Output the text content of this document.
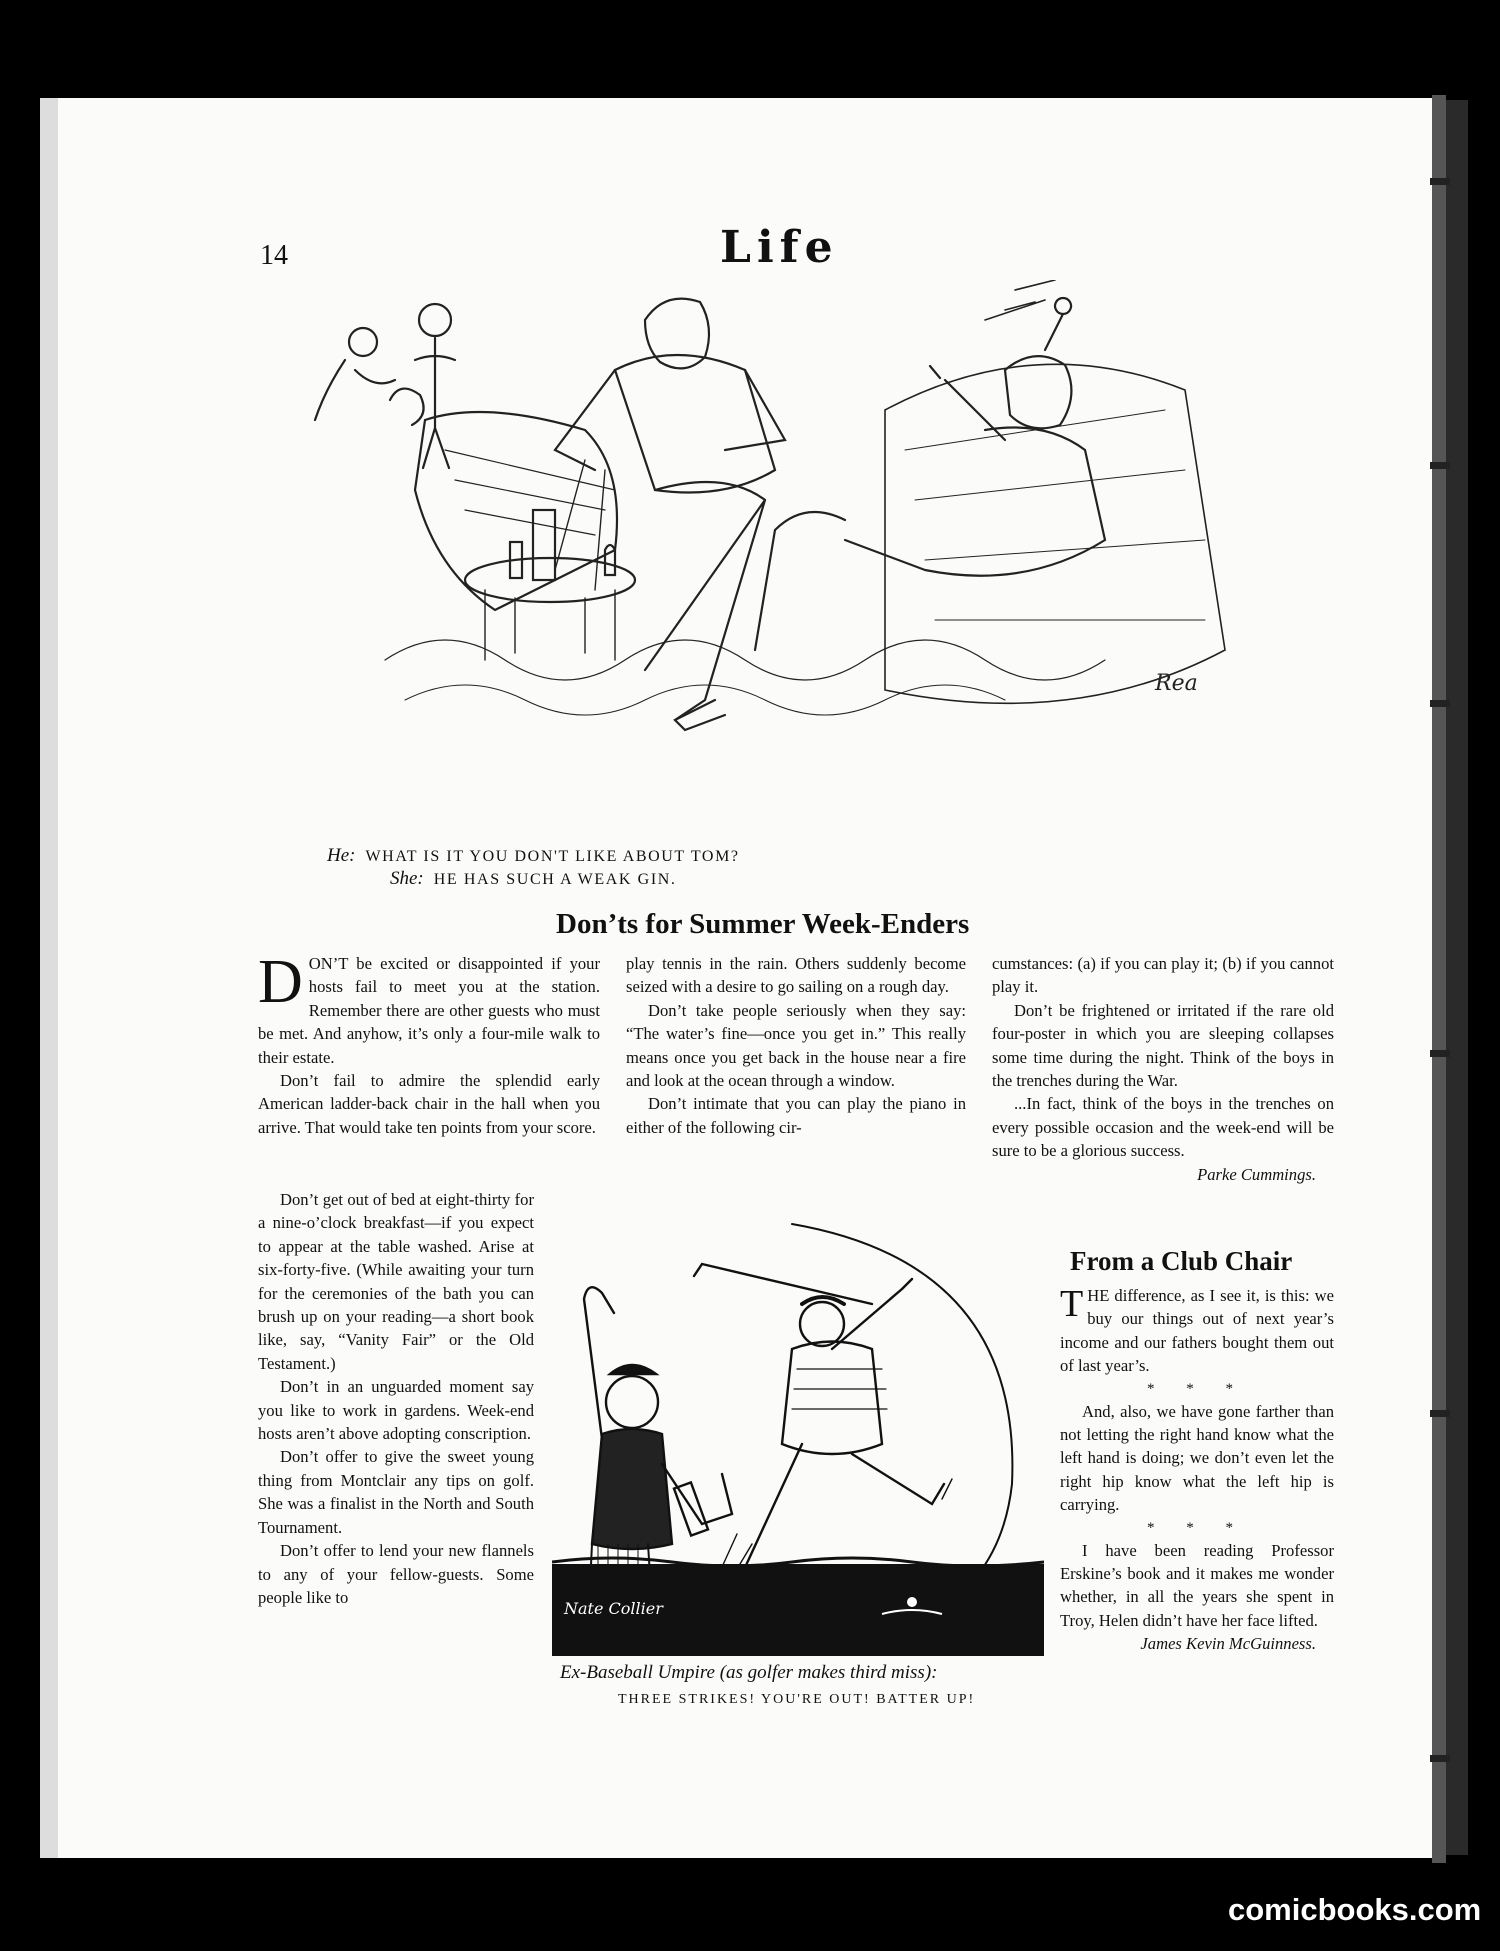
14	Life
Rea
He: WHAT IS IT YOU DON'T LIKE ABOUT TOM?
She: HE HAS SUCH A WEAK GIN.
Don’ts for Summer Week-Enders

DON’T be excited or disappointed if your hosts fail to meet you at the station. Remember there are other guests who must be met. And anyhow, it’s only a four-mile walk to their estate.

Don’t fail to admire the splendid early American ladder-back chair in the hall when you arrive. That would take ten points from your score.

Don’t get out of bed at eight-thirty for a nine-o’clock breakfast—if you expect to appear at the table washed. Arise at six-forty-five. (While awaiting your turn for the ceremonies of the bath you can brush up on your reading—a short book like, say, “Vanity Fair” or the Old Testament.)

Don’t in an unguarded moment say you like to work in gardens. Week-end hosts aren’t above adopting conscription.

Don’t offer to give the sweet young thing from Montclair any tips on golf. She was a finalist in the North and South Tournament.

Don’t offer to lend your new flannels to any of your fellow-guests. Some people like to

play tennis in the rain. Others suddenly become seized with a desire to go sailing on a rough day.

Don’t take people seriously when they say: “The water’s fine—once you get in.” This really means once you get back in the house near a fire and look at the ocean through a window.

Don’t intimate that you can play the piano in either of the following cir-

cumstances: (a) if you can play it; (b) if you cannot play it.

Don’t be frightened or irritated if the rare old four-poster in which you are sleeping collapses some time during the night. Think of the boys in the trenches during the War.

...In fact, think of the boys in the trenches on every possible occasion and the week-end will be sure to be a glorious success.

Parke Cummings.
Nate Collier
Ex-Baseball Umpire (as golfer makes third miss):
THREE STRIKES! YOU'RE OUT! BATTER UP!
From a Club Chair

THE difference, as I see it, is this: we buy our things out of next year’s income and our fathers bought them out of last year’s.

* * *

And, also, we have gone farther than not letting the right hand know what the left hand is doing; we don’t even let the right hip know what the left hip is carrying.

* * *

I have been reading Professor Erskine’s book and it makes me wonder whether, in all the years she spent in Troy, Helen didn’t have her face lifted.

James Kevin McGuinness.
comicbooks.com
